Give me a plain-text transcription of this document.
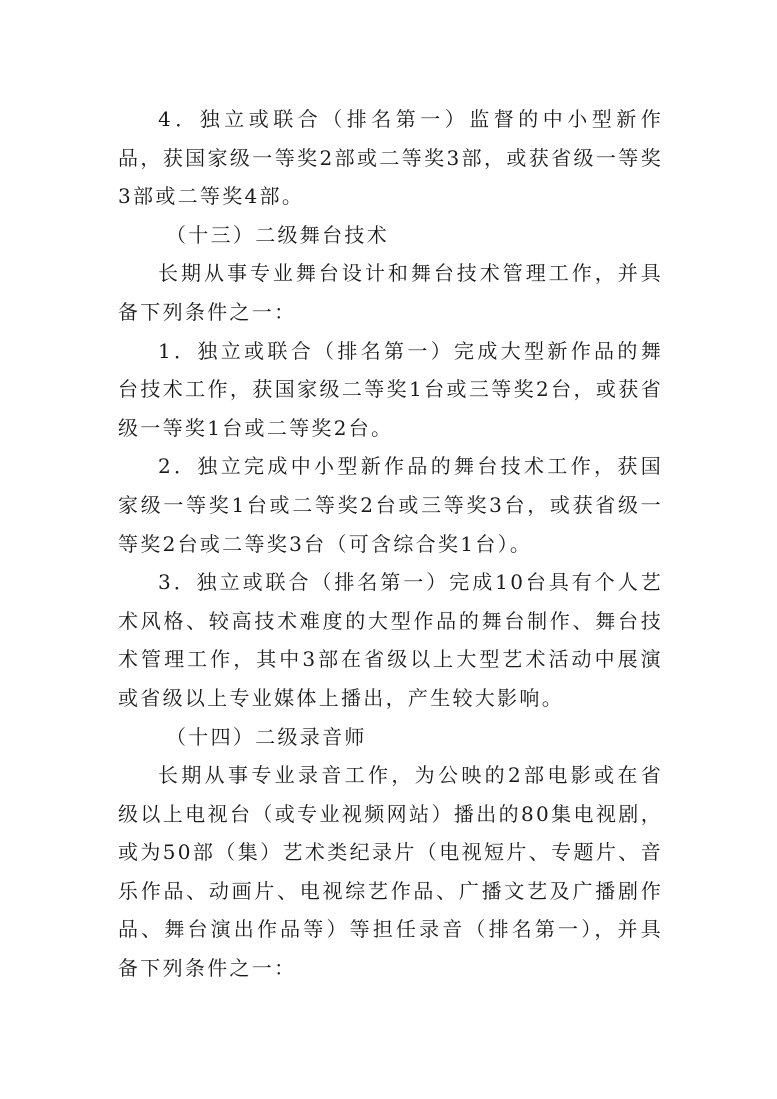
4．独立或联合（排名第一）监督的中小型新作品，获国家级一等奖2部或二等奖3部，或获省级一等奖3部或二等奖4部。

（十三）二级舞台技术

长期从事专业舞台设计和舞台技术管理工作，并具备下列条件之一：

1．独立或联合（排名第一）完成大型新作品的舞台技术工作，获国家级二等奖1台或三等奖2台，或获省级一等奖1台或二等奖2台。

2．独立完成中小型新作品的舞台技术工作，获国家级一等奖1台或二等奖2台或三等奖3台，或获省级一等奖2台或二等奖3台（可含综合奖1台）。

3．独立或联合（排名第一）完成10台具有个人艺术风格、较高技术难度的大型作品的舞台制作、舞台技术管理工作，其中3部在省级以上大型艺术活动中展演或省级以上专业媒体上播出，产生较大影响。

（十四）二级录音师

长期从事专业录音工作，为公映的2部电影或在省级以上电视台（或专业视频网站）播出的80集电视剧，或为50部（集）艺术类纪录片（电视短片、专题片、音乐作品、动画片、电视综艺作品、广播文艺及广播剧作品、舞台演出作品等）等担任录音（排名第一），并具备下列条件之一：
